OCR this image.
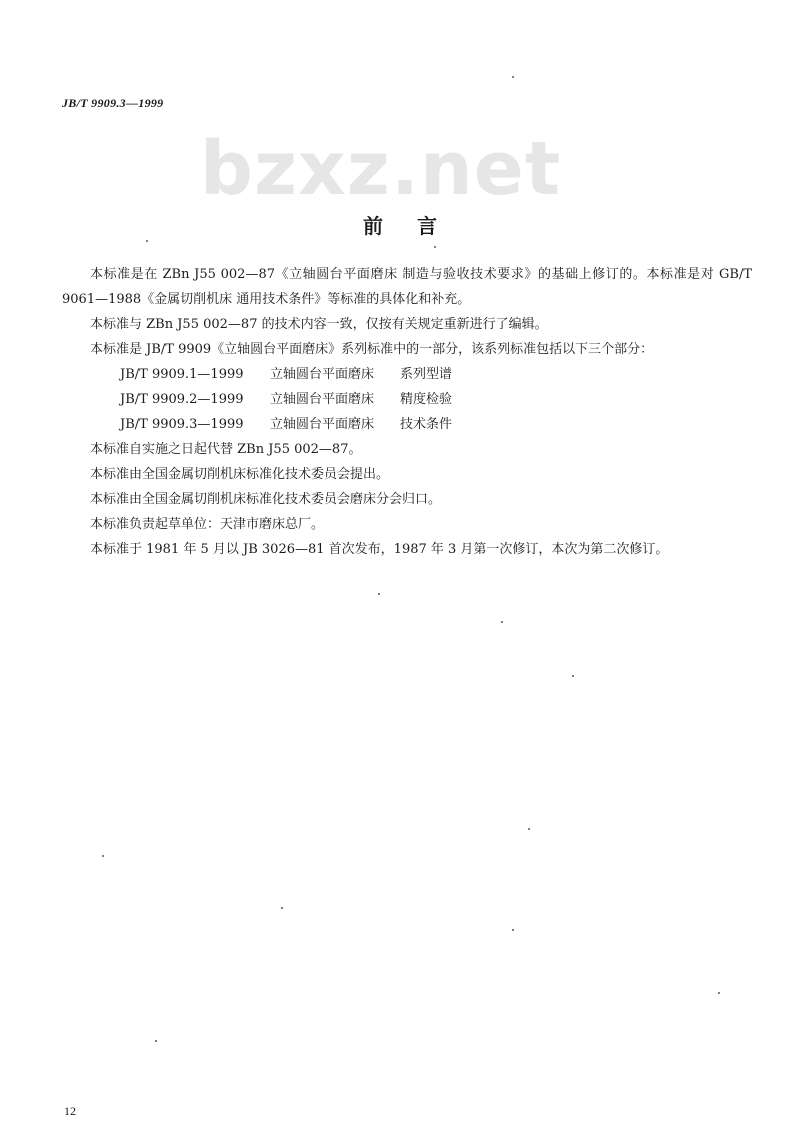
JB/T 9909.3—1999
bzxz.net
前言

本标准是在 ZBn J55 002—87《立轴圆台平面磨床 制造与验收技术要求》的基础上修订的。本标准是对 GB/T 9061—1988《金属切削机床 通用技术条件》等标准的具体化和补充。

本标准与 ZBn J55 002—87 的技术内容一致，仅按有关规定重新进行了编辑。

本标准是 JB/T 9909《立轴圆台平面磨床》系列标准中的一部分，该系列标准包括以下三个部分：

JB/T 9909.1—1999 立轴圆台平面磨床 系列型谱

JB/T 9909.2—1999 立轴圆台平面磨床 精度检验

JB/T 9909.3—1999 立轴圆台平面磨床 技术条件

本标准自实施之日起代替 ZBn J55 002—87。

本标准由全国金属切削机床标准化技术委员会提出。

本标准由全国金属切削机床标准化技术委员会磨床分会归口。

本标准负责起草单位：天津市磨床总厂。

本标准于 1981 年 5 月以 JB 3026—81 首次发布，1987 年 3 月第一次修订，本次为第二次修订。

12
